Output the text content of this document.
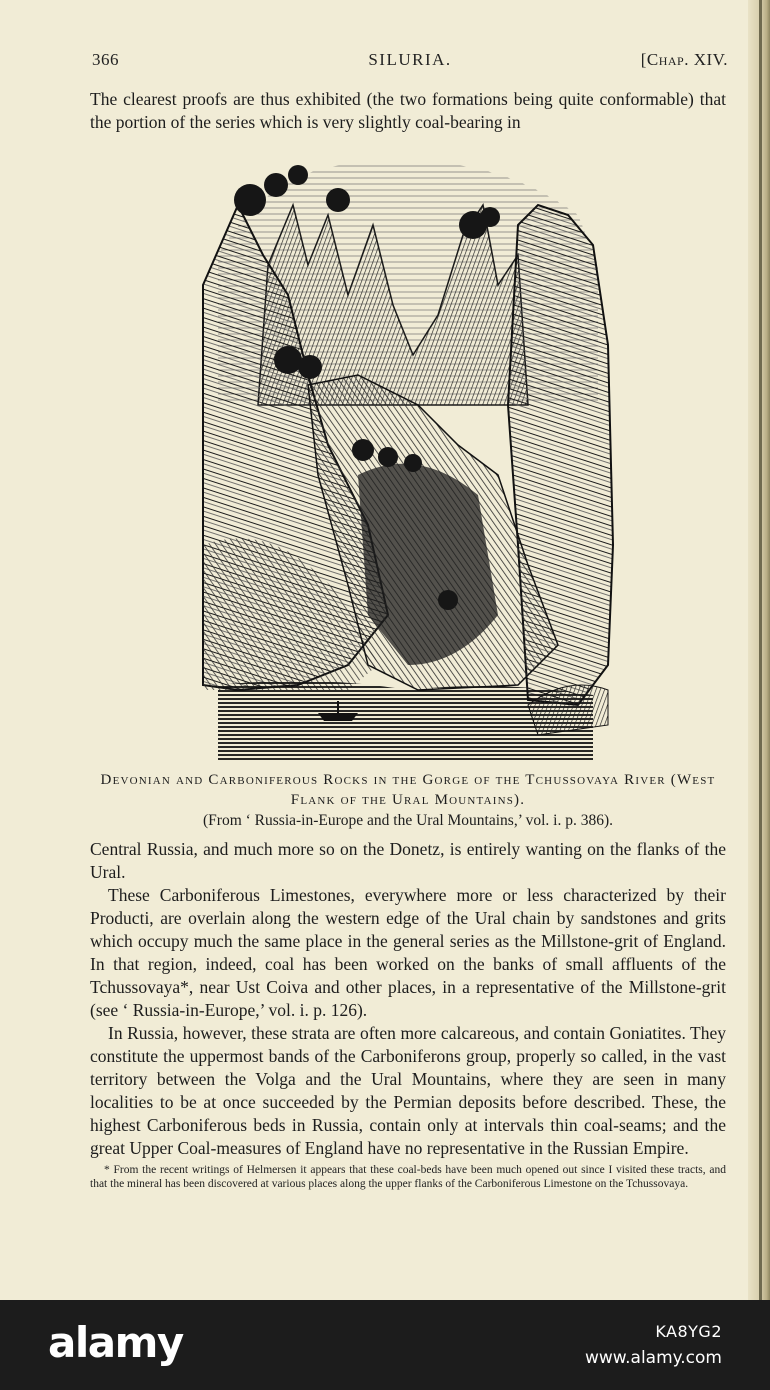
366	SILURIA.	[Chap. XIV.

The clearest proofs are thus exhibited (the two formations being quite conformable) that the portion of the series which is very slightly coal-bearing in

Devonian and Carboniferous Rocks in the Gorge of the Tchussovaya River (West Flank of the Ural Mountains).

(From ‘ Russia-in-Europe and the Ural Mountains,’ vol. i. p. 386).

Central Russia, and much more so on the Donetz, is entirely wanting on the flanks of the Ural.
These Carboniferous Limestones, everywhere more or less characterized by their Producti, are overlain along the western edge of the Ural chain by sandstones and grits which occupy much the same place in the general series as the Millstone-grit of England. In that region, indeed, coal has been worked on the banks of small affluents of the Tchussovaya*, near Ust Coiva and other places, in a representative of the Millstone-grit (see ‘ Russia-in-Europe,’ vol. i. p. 126).
In Russia, however, these strata are often more calcareous, and contain Goniatites. They constitute the uppermost bands of the Carboniferons group, properly so called, in the vast territory between the Volga and the Ural Mountains, where they are seen in many localities to be at once succeeded by the Permian deposits before described. These, the highest Carboniferous beds in Russia, contain only at intervals thin coal-seams; and the great Upper Coal-measures of England have no representative in the Russian Empire.

* From the recent writings of Helmersen it appears that these coal-beds have been much opened out since I visited these tracts, and that the mineral has been discovered at various places along the upper flanks of the Carboniferous Limestone on the Tchussovaya.

alamy	KA8YG2
www.alamy.com
